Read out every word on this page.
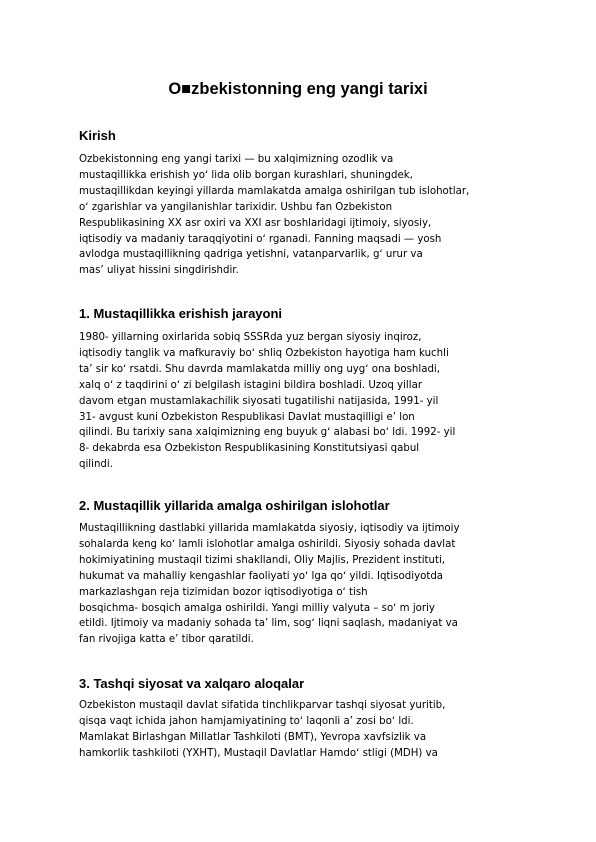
O■zbekistonning eng yangi tarixi
Kirish
Ozbekistonning eng yangi tarixi — bu xalqimizning ozodlik va
mustaqillikka erishish yoʻ lida olib borgan kurashlari, shuningdek,
mustaqillikdan keyingi yillarda mamlakatda amalga oshirilgan tub islohotlar,
oʻ zgarishlar va yangilanishlar tarixidir. Ushbu fan Ozbekiston
Respublikasining XX asr oxiri va XXI asr boshlaridagi ijtimoiy, siyosiy,
iqtisodiy va madaniy taraqqiyotini oʻ rganadi. Fanning maqsadi — yosh
avlodga mustaqillikning qadriga yetishni, vatanparvarlik, gʻ urur va
masʼ uliyat hissini singdirishdir.
1. Mustaqillikka erishish jarayoni
1980- yillarning oxirlarida sobiq SSSRda yuz bergan siyosiy inqiroz,
iqtisodiy tanglik va mafkuraviy boʻ shliq Ozbekiston hayotiga ham kuchli
taʼ sir koʻ rsatdi. Shu davrda mamlakatda milliy ong uygʻ ona boshladi,
xalq oʻ z taqdirini oʻ zi belgilash istagini bildira boshladi. Uzoq yillar
davom etgan mustamlakachilik siyosati tugatilishi natijasida, 1991- yil
31- avgust kuni Ozbekiston Respublikasi Davlat mustaqilligi eʼ lon
qilindi. Bu tarixiy sana xalqimizning eng buyuk gʻ alabasi boʻ ldi. 1992- yil
8- dekabrda esa Ozbekiston Respublikasining Konstitutsiyasi qabul
qilindi.
2. Mustaqillik yillarida amalga oshirilgan islohotlar
Mustaqillikning dastlabki yillarida mamlakatda siyosiy, iqtisodiy va ijtimoiy
sohalarda keng koʻ lamli islohotlar amalga oshirildi. Siyosiy sohada davlat
hokimiyatining mustaqil tizimi shakllandi, Oliy Majlis, Prezident instituti,
hukumat va mahalliy kengashlar faoliyati yoʻ lga qoʻ yildi. Iqtisodiyotda
markazlashgan reja tizimidan bozor iqtisodiyotiga oʻ tish
bosqichma- bosqich amalga oshirildi. Yangi milliy valyuta – soʻ m joriy
etildi. Ijtimoiy va madaniy sohada taʼ lim, sogʻ liqni saqlash, madaniyat va
fan rivojiga katta eʼ tibor qaratildi.
3. Tashqi siyosat va xalqaro aloqalar
Ozbekiston mustaqil davlat sifatida tinchlikparvar tashqi siyosat yuritib,
qisqa vaqt ichida jahon hamjamiyatining toʻ laqonli aʼ zosi boʻ ldi.
Mamlakat Birlashgan Millatlar Tashkiloti (BMT), Yevropa xavfsizlik va
hamkorlik tashkiloti (YXHT), Mustaqil Davlatlar Hamdoʻ stligi (MDH) va
